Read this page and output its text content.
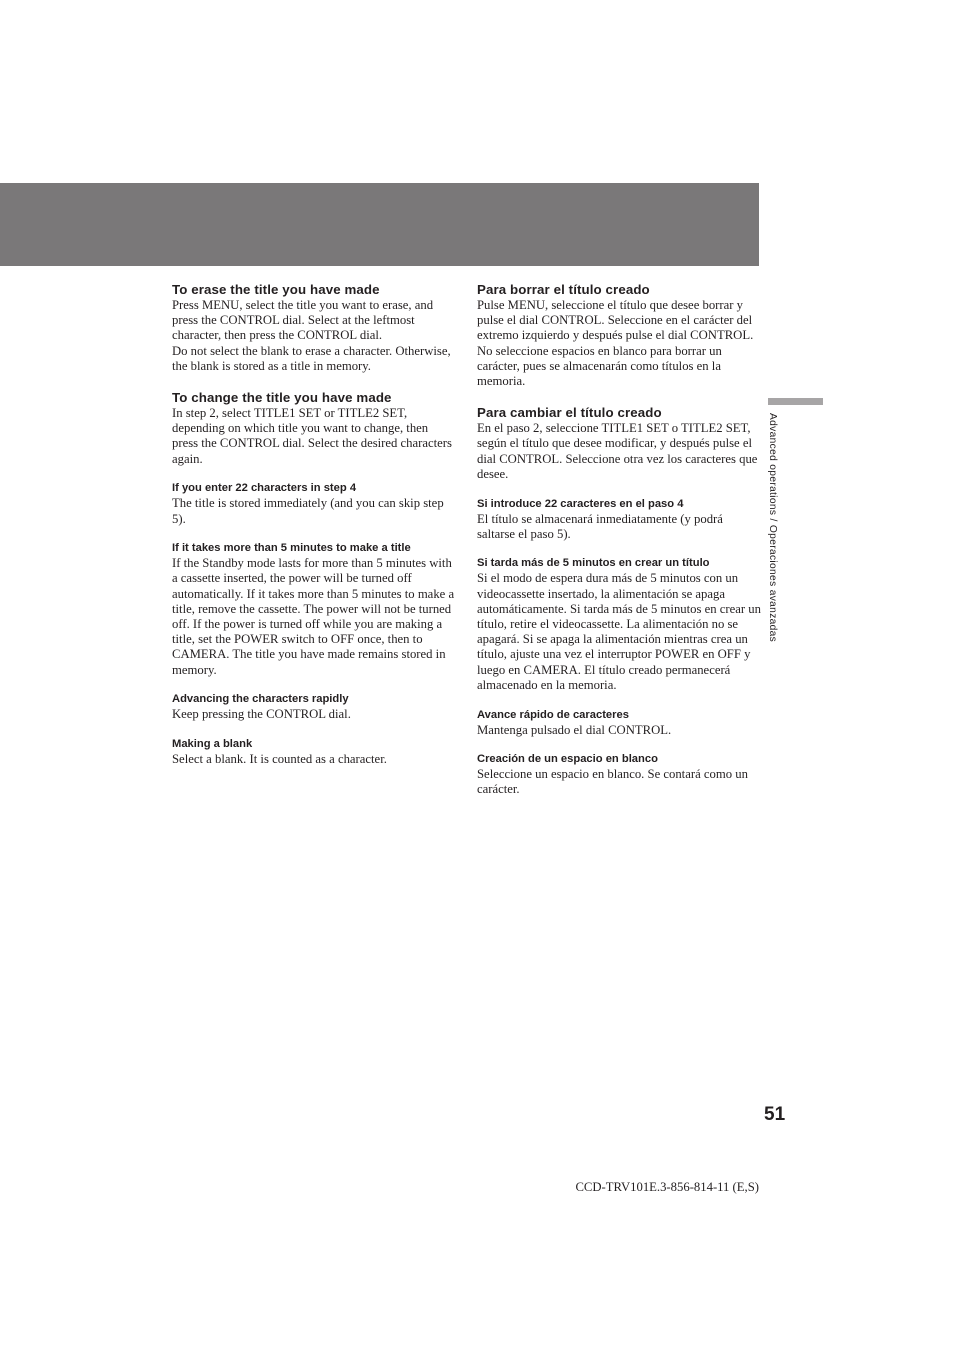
To erase the title you have made

Press MENU, select the title you want to erase, and press the CONTROL dial. Select at the leftmost character, then press the CONTROL dial.

Do not select the blank to erase a character. Otherwise, the blank is stored as a title in memory.

To change the title you have made

In step 2, select TITLE1 SET or TITLE2 SET, depending on which title you want to change, then press the CONTROL dial. Select the desired characters again.

If you enter 22 characters in step 4

The title is stored immediately (and you can skip step 5).

If it takes more than 5 minutes to make a title

If the Standby mode lasts for more than 5 minutes with a cassette inserted, the power will be turned off automatically. If it takes more than 5 minutes to make a title, remove the cassette. The power will not be turned off. If the power is turned off while you are making a title, set the POWER switch to OFF once, then to CAMERA. The title you have made remains stored in memory.

Advancing the characters rapidly

Keep pressing the CONTROL dial.

Making a blank

Select a blank. It is counted as a character.

Para borrar el título creado

Pulse MENU, seleccione el título que desee borrar y pulse el dial CONTROL. Seleccione en el carácter del extremo izquierdo y después pulse el dial CONTROL.

No seleccione espacios en blanco para borrar un carácter, pues se almacenarán como títulos en la memoria.

Para cambiar el título creado

En el paso 2, seleccione TITLE1 SET o TITLE2 SET, según el título que desee modificar, y después pulse el dial CONTROL. Seleccione otra vez los caracteres que desee.

Si introduce 22 caracteres en el paso 4

El título se almacenará inmediatamente (y podrá saltarse el paso 5).

Si tarda más de 5 minutos en crear un título

Si el modo de espera dura más de 5 minutos con un videocassette insertado, la alimentación se apaga automáticamente. Si tarda más de 5 minutos en crear un título, retire el videocassette. La alimentación no se apagará. Si se apaga la alimentación mientras crea un título, ajuste una vez el interruptor POWER en OFF y luego en CAMERA. El título creado permanecerá almacenado en la memoria.

Avance rápido de caracteres

Mantenga pulsado el dial CONTROL.

Creación de un espacio en blanco

Seleccione un espacio en blanco. Se contará como un carácter.

Advanced operations / Operaciones avanzadas
51
CCD-TRV101E.3-856-814-11 (E,S)
